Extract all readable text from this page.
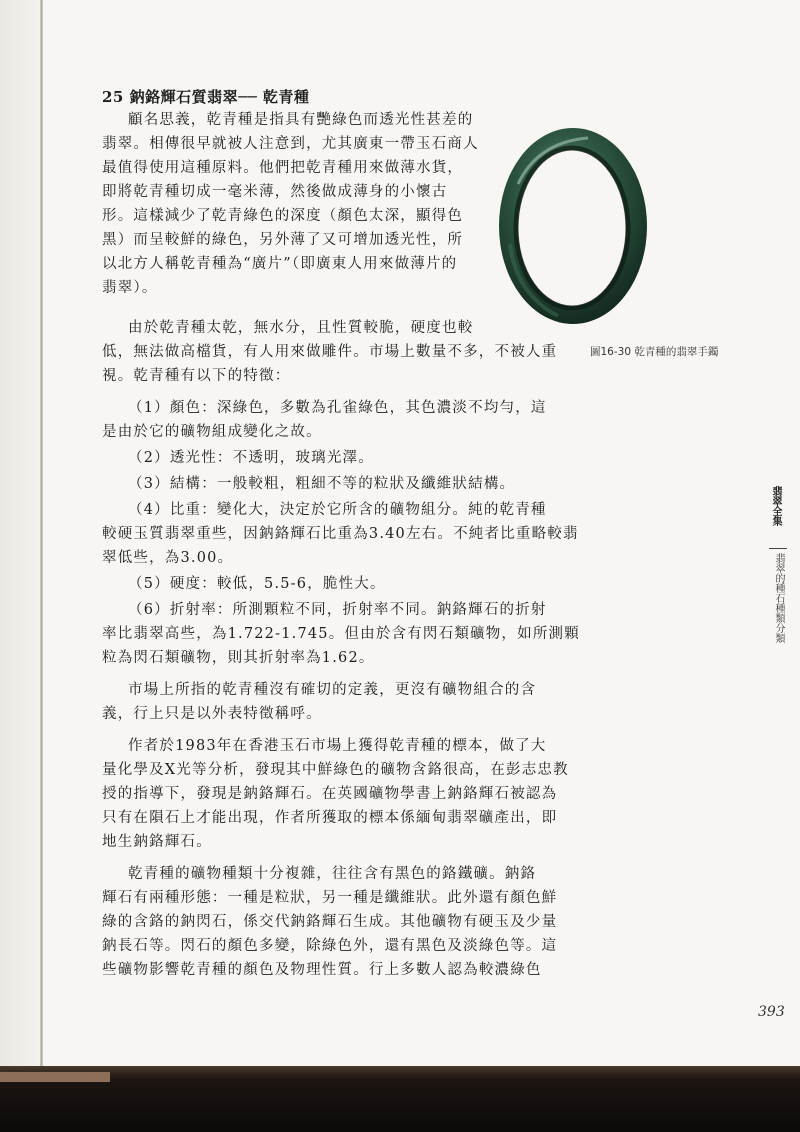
25 鈉鉻輝石質翡翠── 乾青種
顧名思義，乾青種是指具有艷綠色而透光性甚差的
翡翠。相傳很早就被人注意到，尤其廣東一帶玉石商人
最值得使用這種原料。他們把乾青種用來做薄水貨，
即將乾青種切成一毫米薄，然後做成薄身的小懷古
形。這樣減少了乾青綠色的深度（顏色太深，顯得色
黑）而呈較鮮的綠色，另外薄了又可增加透光性，所
以北方人稱乾青種為“廣片”（即廣東人用來做薄片的
翡翠）。
由於乾青種太乾，無水分，且性質較脆，硬度也較
低，無法做高檔貨，有人用來做雕件。市場上數量不多，不被人重
視。乾青種有以下的特徵：
（1）顏色：深綠色，多數為孔雀綠色，其色濃淡不均勻，這
是由於它的礦物組成變化之故。
（2）透光性：不透明，玻璃光澤。
（3）結構：一般較粗，粗細不等的粒狀及纖維狀結構。
（4）比重：變化大，決定於它所含的礦物組分。純的乾青種
較硬玉質翡翠重些，因鈉鉻輝石比重為3.40左右。不純者比重略較翡
翠低些，為3.00。
（5）硬度：較低，5.5-6，脆性大。
（6）折射率：所測顆粒不同，折射率不同。鈉鉻輝石的折射
率比翡翠高些，為1.722-1.745。但由於含有閃石類礦物，如所測顆
粒為閃石類礦物，則其折射率為1.62。
市場上所指的乾青種沒有確切的定義，更沒有礦物組合的含
義，行上只是以外表特徵稱呼。
作者於1983年在香港玉石市場上獲得乾青種的標本，做了大
量化學及X光等分析，發現其中鮮綠色的礦物含鉻很高，在彭志忠教
授的指導下，發現是鈉鉻輝石。在英國礦物學書上鈉鉻輝石被認為
只有在隕石上才能出現，作者所獲取的標本係緬甸翡翠礦產出，即
地生鈉鉻輝石。
乾青種的礦物種類十分複雜，往往含有黑色的鉻鐵礦。鈉鉻
輝石有兩種形態：一種是粒狀，另一種是纖維狀。此外還有顏色鮮
綠的含鉻的鈉閃石，係交代鈉鉻輝石生成。其他礦物有硬玉及少量
鈉長石等。閃石的顏色多變，除綠色外，還有黑色及淡綠色等。這
些礦物影響乾青種的顏色及物理性質。行上多數人認為較濃綠色
圖16-30 乾青種的翡翠手鐲
翡翠全集
翡翠的種石種類分類
393
